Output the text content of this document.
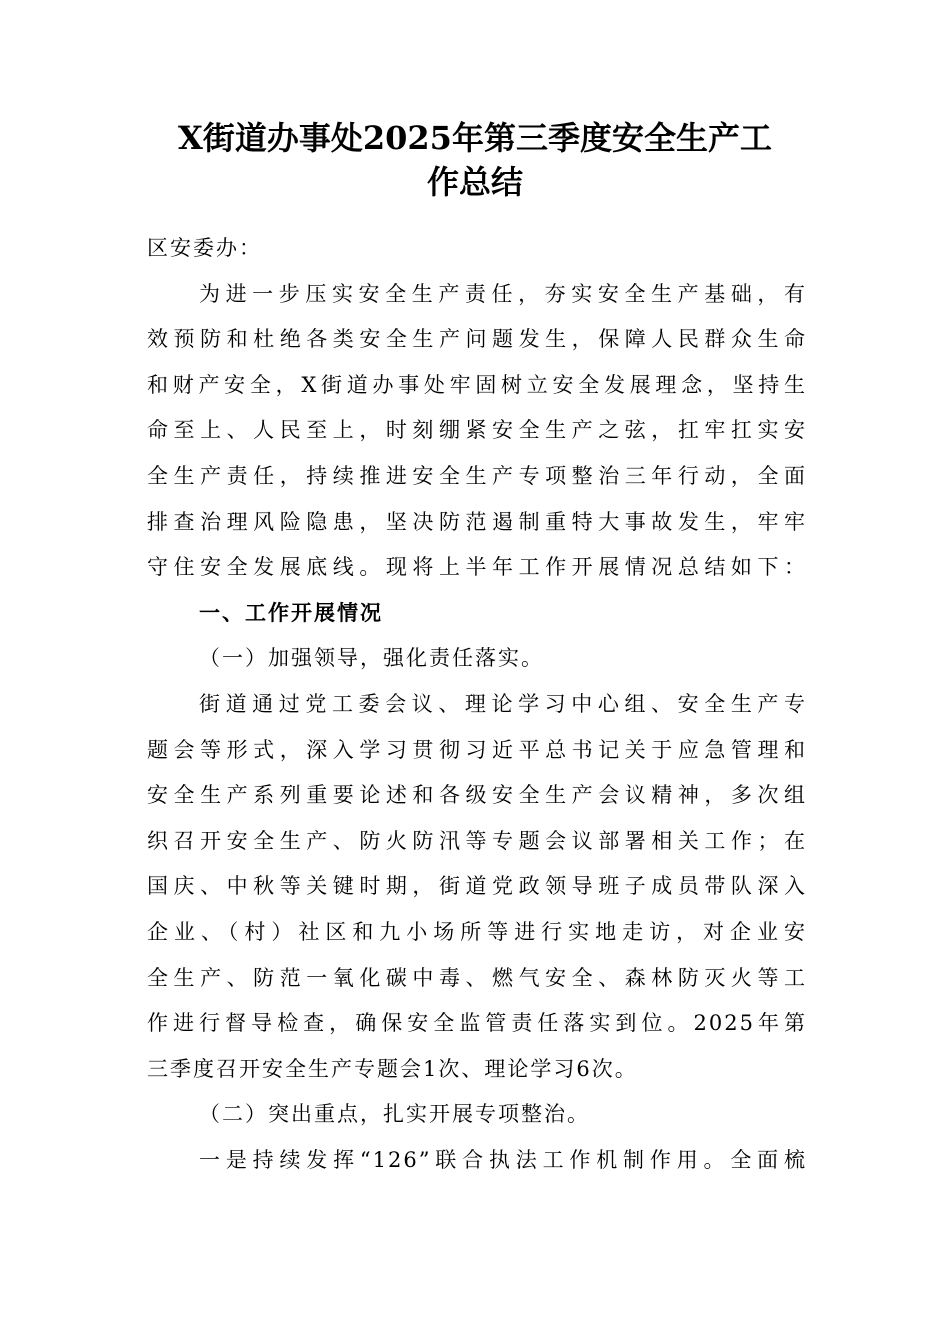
X街道办事处2025年第三季度安全生产工
作总结
区安委办：
为进一步压实安全生产责任，夯实安全生产基础，有
效预防和杜绝各类安全生产问题发生，保障人民群众生命
和财产安全，X街道办事处牢固树立安全发展理念，坚持生
命至上、人民至上，时刻绷紧安全生产之弦，扛牢扛实安
全生产责任，持续推进安全生产专项整治三年行动，全面
排查治理风险隐患，坚决防范遏制重特大事故发生，牢牢
守住安全发展底线。现将上半年工作开展情况总结如下：
一、工作开展情况
（一）加强领导，强化责任落实。
街道通过党工委会议、理论学习中心组、安全生产专
题会等形式，深入学习贯彻习近平总书记关于应急管理和
安全生产系列重要论述和各级安全生产会议精神，多次组
织召开安全生产、防火防汛等专题会议部署相关工作；在
国庆、中秋等关键时期，街道党政领导班子成员带队深入
企业、（村）社区和九小场所等进行实地走访，对企业安
全生产、防范一氧化碳中毒、燃气安全、森林防灭火等工
作进行督导检查，确保安全监管责任落实到位。2025年第
三季度召开安全生产专题会1次、理论学习6次。
（二）突出重点，扎实开展专项整治。
一是持续发挥“126”联合执法工作机制作用。全面梳
